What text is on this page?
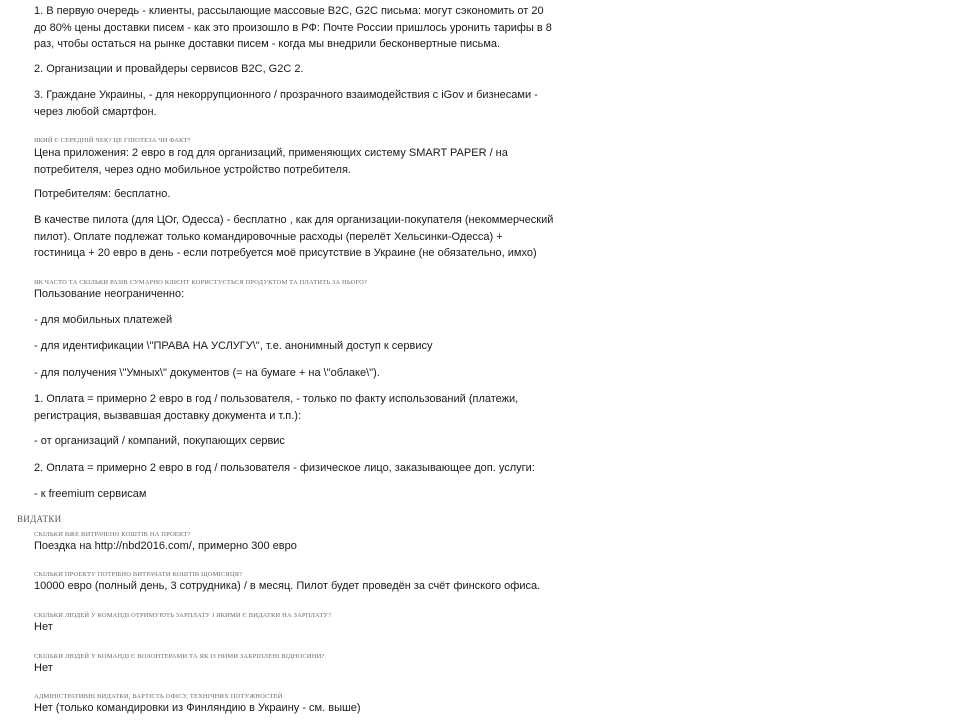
1. В первую очередь - клиенты, рассылающие массовые B2C, G2C письма: могут сэкономить от 20 до 80% цены доставки писем - как это произошло в РФ: Почте России пришлось уронить тарифы в 8 раз, чтобы остаться на рынке доставки писем - когда мы внедрили бесконвертные письма.

2. Организации и провайдеры сервисов B2C, G2C 2.

3. Граждане Украины, - для некоррупционного / прозрачного взаимодействия с iGov и бизнесами - через любой смартфон.

ЯКИЙ Є СЕРЕДНІЙ ЧЕК? ЦЕ ГІПОТЕЗА ЧИ ФАКТ?

Цена приложения: 2 евро в год для организаций, применяющих систему SMART PAPER / на потребителя, через одно мобильное устройство потребителя.

Потребителям: бесплатно.

В качестве пилота (для ЦОг, Одесса) - бесплатно , как для организации-покупателя (некоммерческий пилот). Оплате подлежат только командировочные расходы (перелёт Хельсинки-Одесса) + гостиница + 20 евро в день - если потребуется моё присутствие в Украине (не обязательно, имхо)

ЯК ЧАСТО ТА СКІЛЬКИ РАЗІВ СУМАРНО КЛІЄНТ КОРИСТУЄТЬСЯ ПРОДУКТОМ ТА ПЛАТИТЬ ЗА НЬОГО?

Пользование неограниченно:

- для мобильных платежей

- для идентификации \"ПРАВА НА УСЛУГУ\", т.е. анонимный доступ к сервису

- для получения \"Умных\" документов (= на бумаге + на \"облаке\").

1. Оплата = примерно 2 евро в год / пользователя, - только по факту использований (платежи, регистрация, вызвавшая доставку документа и т.п.):

- от организаций / компаний, покупающих сервис

2. Оплата = примерно 2 евро в год / пользователя - физическое лицо, заказывающее доп. услуги:

- к freemium сервисам

ВИДАТКИ
СКІЛЬКИ ВЖЕ ВИТРАЧЕНО КОШТІВ НА ПРОЕКТ?

Поездка на http://nbd2016.com/, примерно 300 евро

СКІЛЬКИ ПРОЕКТУ ПОТРІБНО ВИТРАЧАТИ КОШТІВ ЩОМІСЯЦЯ?

10000 евро (полный день, 3 сотрудника) / в месяц. Пилот будет проведён за счёт финского офиса.

СКІЛЬКИ ЛЮДЕЙ У КОМАНДІ ОТРИМУЮТЬ ЗАРПЛАТУ І ЯКИМИ Є ВИДАТКИ НА ЗАРПЛАТУ?

Нет

СКІЛЬКИ ЛЮДЕЙ У КОМАНДІ Є ВОЛОНТЕРАМИ ТА ЯК ІЗ НИМИ ЗАКРІПЛЕНІ ВІДНОСИНИ?

Нет

АДМІНІСТРАТИВНІ ВИДАТКИ, ВАРТІСТЬ ОФІСУ, ТЕХНІЧНИХ ПОТУЖНОСТЕЙ

Нет (только командировки из Финляндию в Украину - см. выше)
